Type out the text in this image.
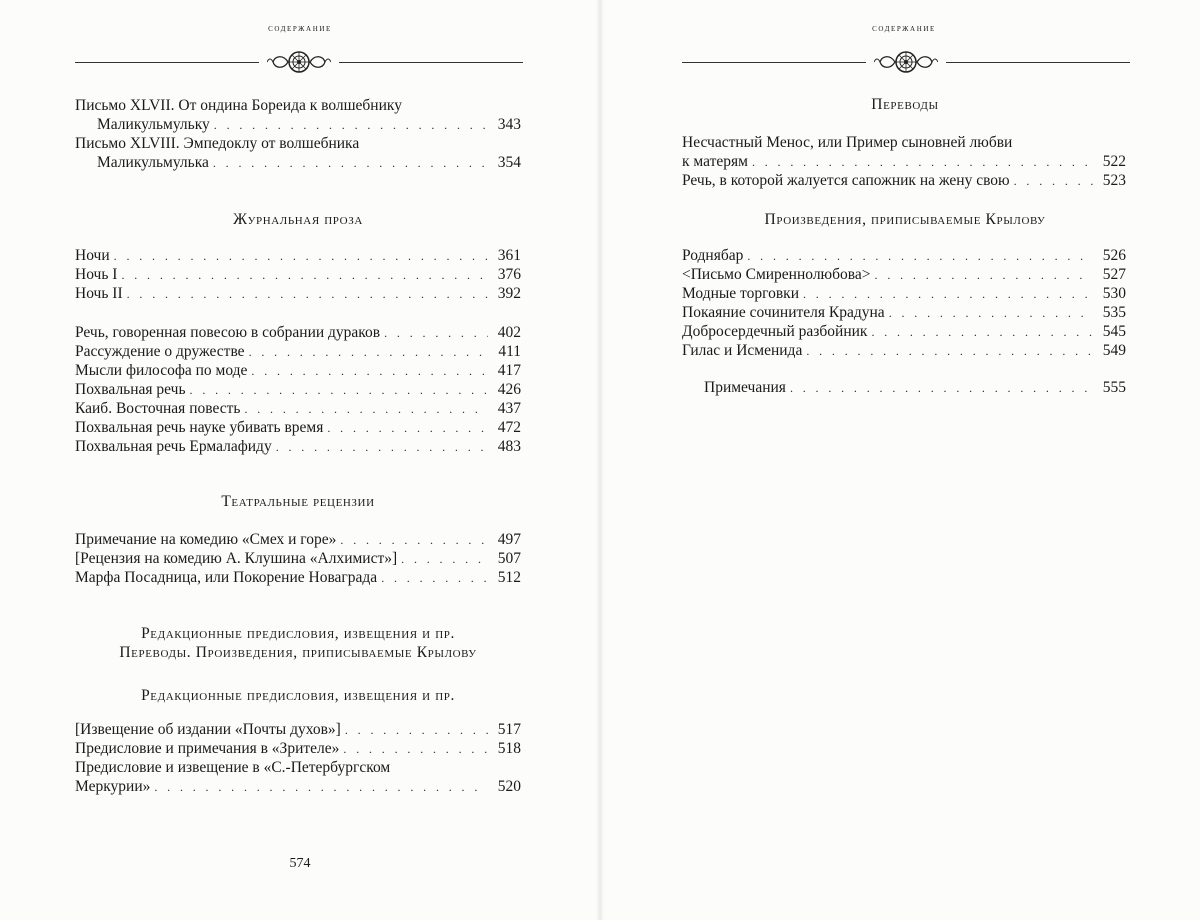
содержание
Письмо XLVII. От ондина Бореида к волшебнику
Маликульмульку . . .	343
Письмо XLVIII. Эмпедоклу от волшебника
Маликульмулька . . .	354
Журнальная проза
Ночи . . .	361
Ночь I . . .	376
Ночь II . . .	392
Речь, говоренная повесою в собрании дураков . . .	402
Рассуждение о дружестве . . .	411
Мысли философа по моде . . .	417
Похвальная речь . . .	426
Каиб. Восточная повесть . . .	437
Похвальная речь науке убивать время . . .	472
Похвальная речь Ермалафиду . . .	483
Театральные рецензии
Примечание на комедию «Смех и горе» . . .	497
[Рецензия на комедию А. Клушина «Алхимист»] . . .	507
Марфа Посадница, или Покорение Новаграда . . .	512
Редакционные предисловия, извещения и пр.
Переводы. Произведения, приписываемые Крылову
Редакционные предисловия, извещения и пр.
[Извещение об издании «Почты духов»] . . .	517
Предисловие и примечания в «Зрителе» . . .	518
Предисловие и извещение в «С.-Петербургском
Меркурии» . . .	520
574
содержание
Переводы
Несчастный Менос, или Пример сыновней любви
к матерям . . .	522
Речь, в которой жалуется сапожник на жену свою . . .	523
Произведения, приписываемые Крылову
Роднябар . . .	526
<Письмо Смиреннолюбова> . . .	527
Модные торговки . . .	530
Покаяние сочинителя Крадуна . . .	535
Добросердечный разбойник . . .	545
Гилас и Исменида . . .	549
Примечания . . .	555
